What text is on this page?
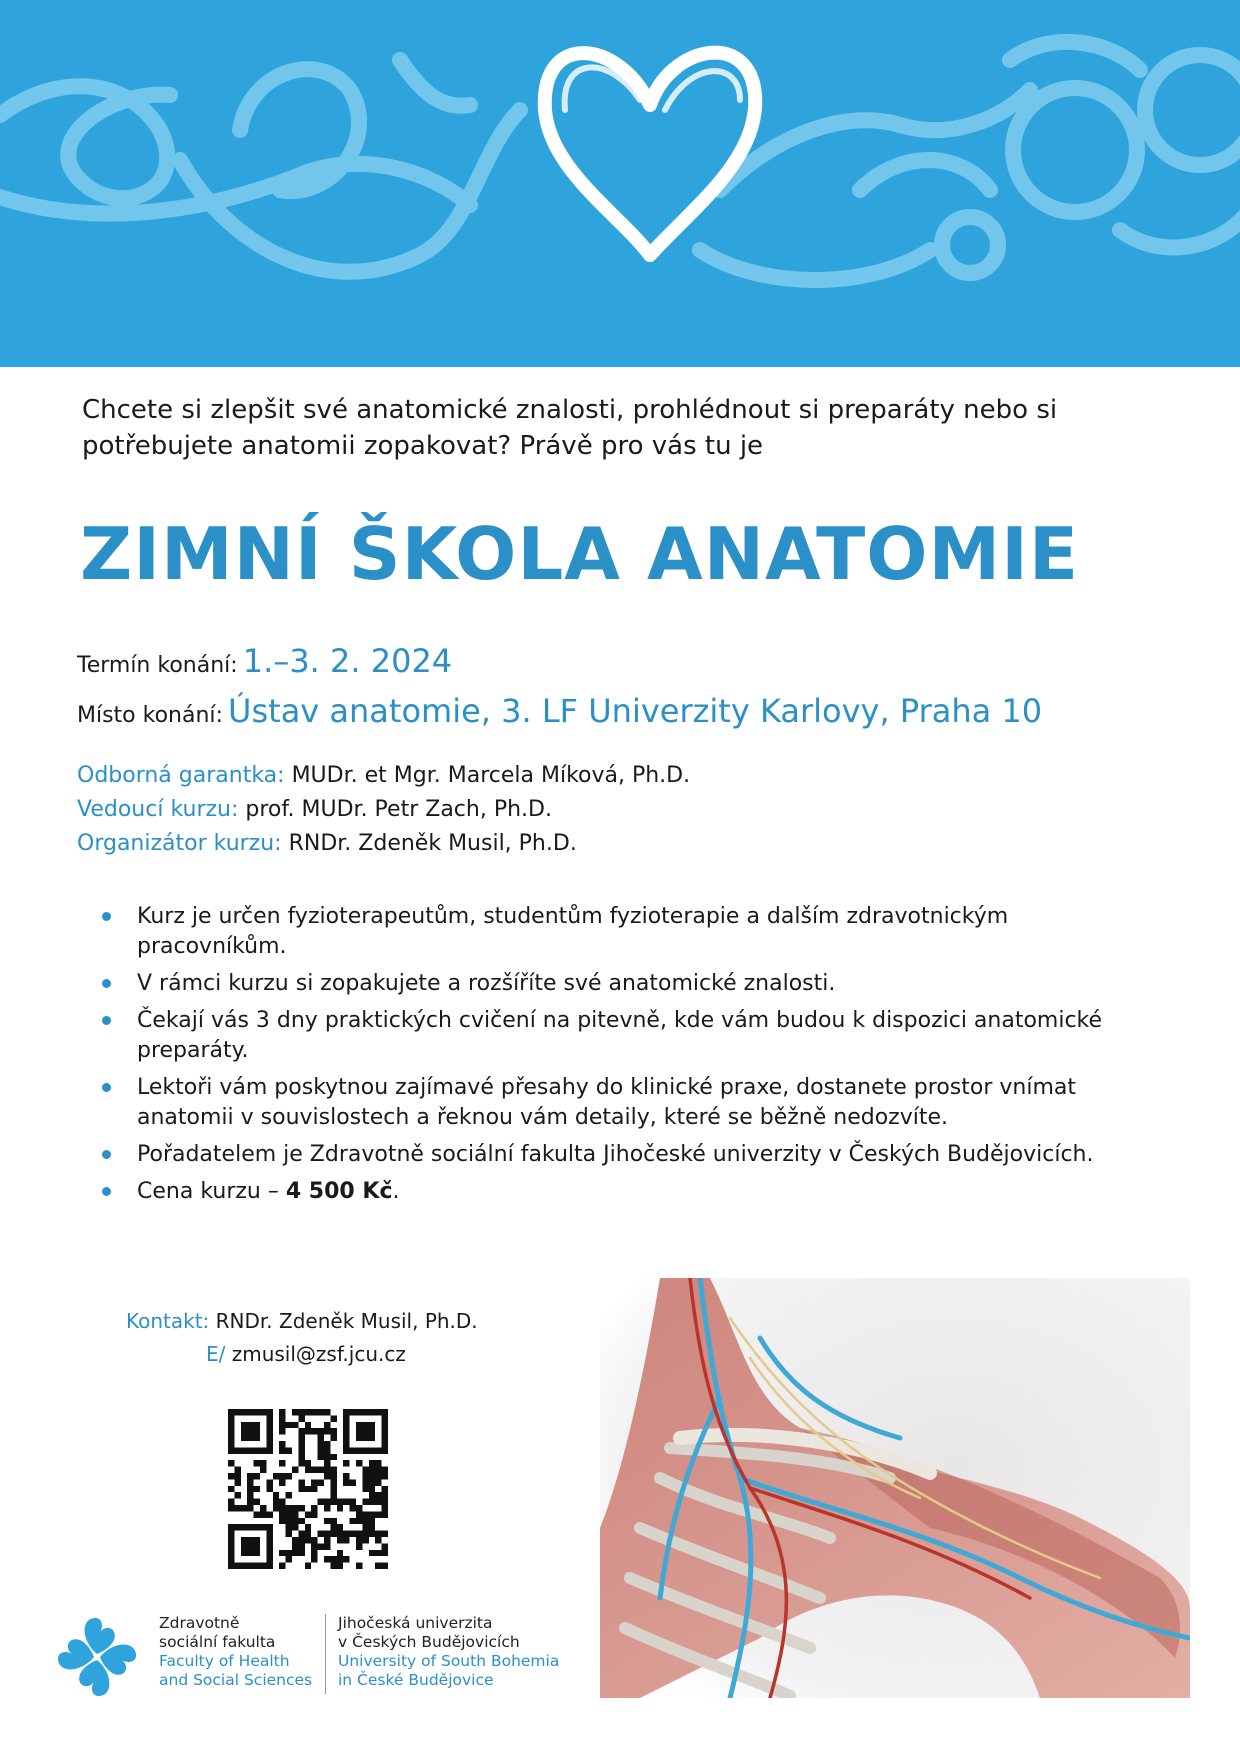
Chcete si zlepšit své anatomické znalosti, prohlédnout si preparáty nebo si
potřebujete anatomii zopakovat? Právě pro vás tu je
ZIMNÍ ŠKOLA ANATOMIE
Termín konání: 1.–3. 2. 2024
Místo konání: Ústav anatomie, 3. LF Univerzity Karlovy, Praha 10
Odborná garantka: MUDr. et Mgr. Marcela Míková, Ph.D.
Vedoucí kurzu: prof. MUDr. Petr Zach, Ph.D.
Organizátor kurzu: RNDr. Zdeněk Musil, Ph.D.
Kurz je určen fyzioterapeutům, studentům fyzioterapie a dalším zdravotnickým pracovníkům.
V rámci kurzu si zopakujete a rozšíříte své anatomické znalosti.
Čekají vás 3 dny praktických cvičení na pitevně, kde vám budou k dispozici anatomické preparáty.
Lektoři vám poskytnou zajímavé přesahy do klinické praxe, dostanete prostor vnímat anatomii v souvislostech a řeknou vám detaily, které se běžně nedozvíte.
Pořadatelem je Zdravotně sociální fakulta Jihočeské univerzity v Českých Budějovicích.
Cena kurzu – 4 500 Kč.
Kontakt: RNDr. Zdeněk Musil, Ph.D.
E/ zmusil@zsf.jcu.cz
Zdravotně
sociální fakulta
Faculty of Health
and Social Sciences
Jihočeská univerzita
v Českých Budějovicích
University of South Bohemia
in České Budějovice
